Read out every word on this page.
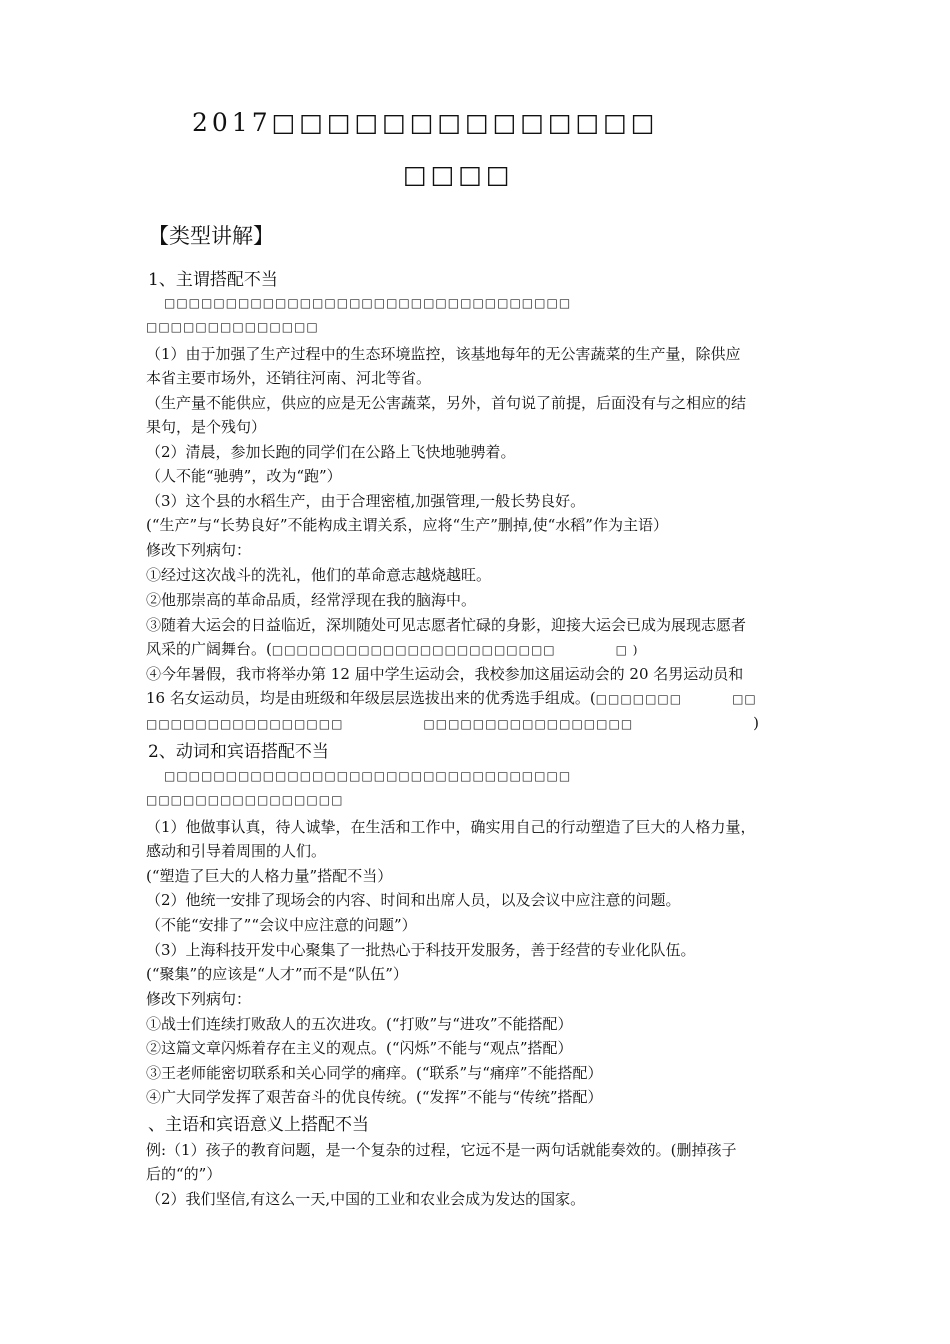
2017□□□□□□□□□□□□□□
□□□□
【类型讲解】
1、主谓搭配不当
□□□□□□□□□□□□□□□□□□□□□□□□□□□□□□□□□
□□□□□□□□□□□□□□
（1）由于加强了生产过程中的生态环境监控，该基地每年的无公害蔬菜的生产量，除供应
本省主要市场外，还销往河南、河北等省。
（生产量不能供应，供应的应是无公害蔬菜，另外，首句说了前提，后面没有与之相应的结
果句，是个残句）
（2）清晨，参加长跑的同学们在公路上飞快地驰骋着。
（人不能“驰骋”，改为“跑”）
（3）这个县的水稻生产，由于合理密植,加强管理,一般长势良好。
(“生产”与“长势良好”不能构成主谓关系，应将“生产”删掉,使“水稻”作为主语）
修改下列病句：
①经过这次战斗的洗礼，他们的革命意志越烧越旺。
②他那崇高的革命品质，经常浮现在我的脑海中。
③随着大运会的日益临近，深圳随处可见志愿者忙碌的身影，迎接大运会已成为展现志愿者
风采的广阔舞台。(□□□□□□□□□□□□□□□□□□□□□□□	□ )
④今年暑假，我市将举办第 12 届中学生运动会，我校参加这届运动会的 20 名男运动员和
16 名女运动员，均是由班级和年级层层选拔出来的优秀选手组成。(□□□□□□□	□□
□□□□□□□□□□□□□□□□	□□□□□□□□□□□□□□□□□	)
2、动词和宾语搭配不当
□□□□□□□□□□□□□□□□□□□□□□□□□□□□□□□□□
□□□□□□□□□□□□□□□□
（1）他做事认真，待人诚挚，在生活和工作中，确实用自己的行动塑造了巨大的人格力量，
感动和引导着周围的人们。
(“塑造了巨大的人格力量”搭配不当）
（2）他统一安排了现场会的内容、时间和出席人员，以及会议中应注意的问题。
（不能“安排了”“会议中应注意的问题”）
（3）上海科技开发中心聚集了一批热心于科技开发服务，善于经营的专业化队伍。
(“聚集”的应该是“人才”而不是“队伍”）
修改下列病句：
①战士们连续打败敌人的五次进攻。(“打败”与“进攻”不能搭配）
②这篇文章闪烁着存在主义的观点。(“闪烁”不能与“观点”搭配）
③王老师能密切联系和关心同学的痛痒。(“联系”与“痛痒”不能搭配）
④广大同学发挥了艰苦奋斗的优良传统。(“发挥”不能与“传统”搭配）
、主语和宾语意义上搭配不当
例:（1）孩子的教育问题，是一个复杂的过程，它远不是一两句话就能奏效的。(删掉孩子
后的“的”）
（2）我们坚信,有这么一天,中国的工业和农业会成为发达的国家。
